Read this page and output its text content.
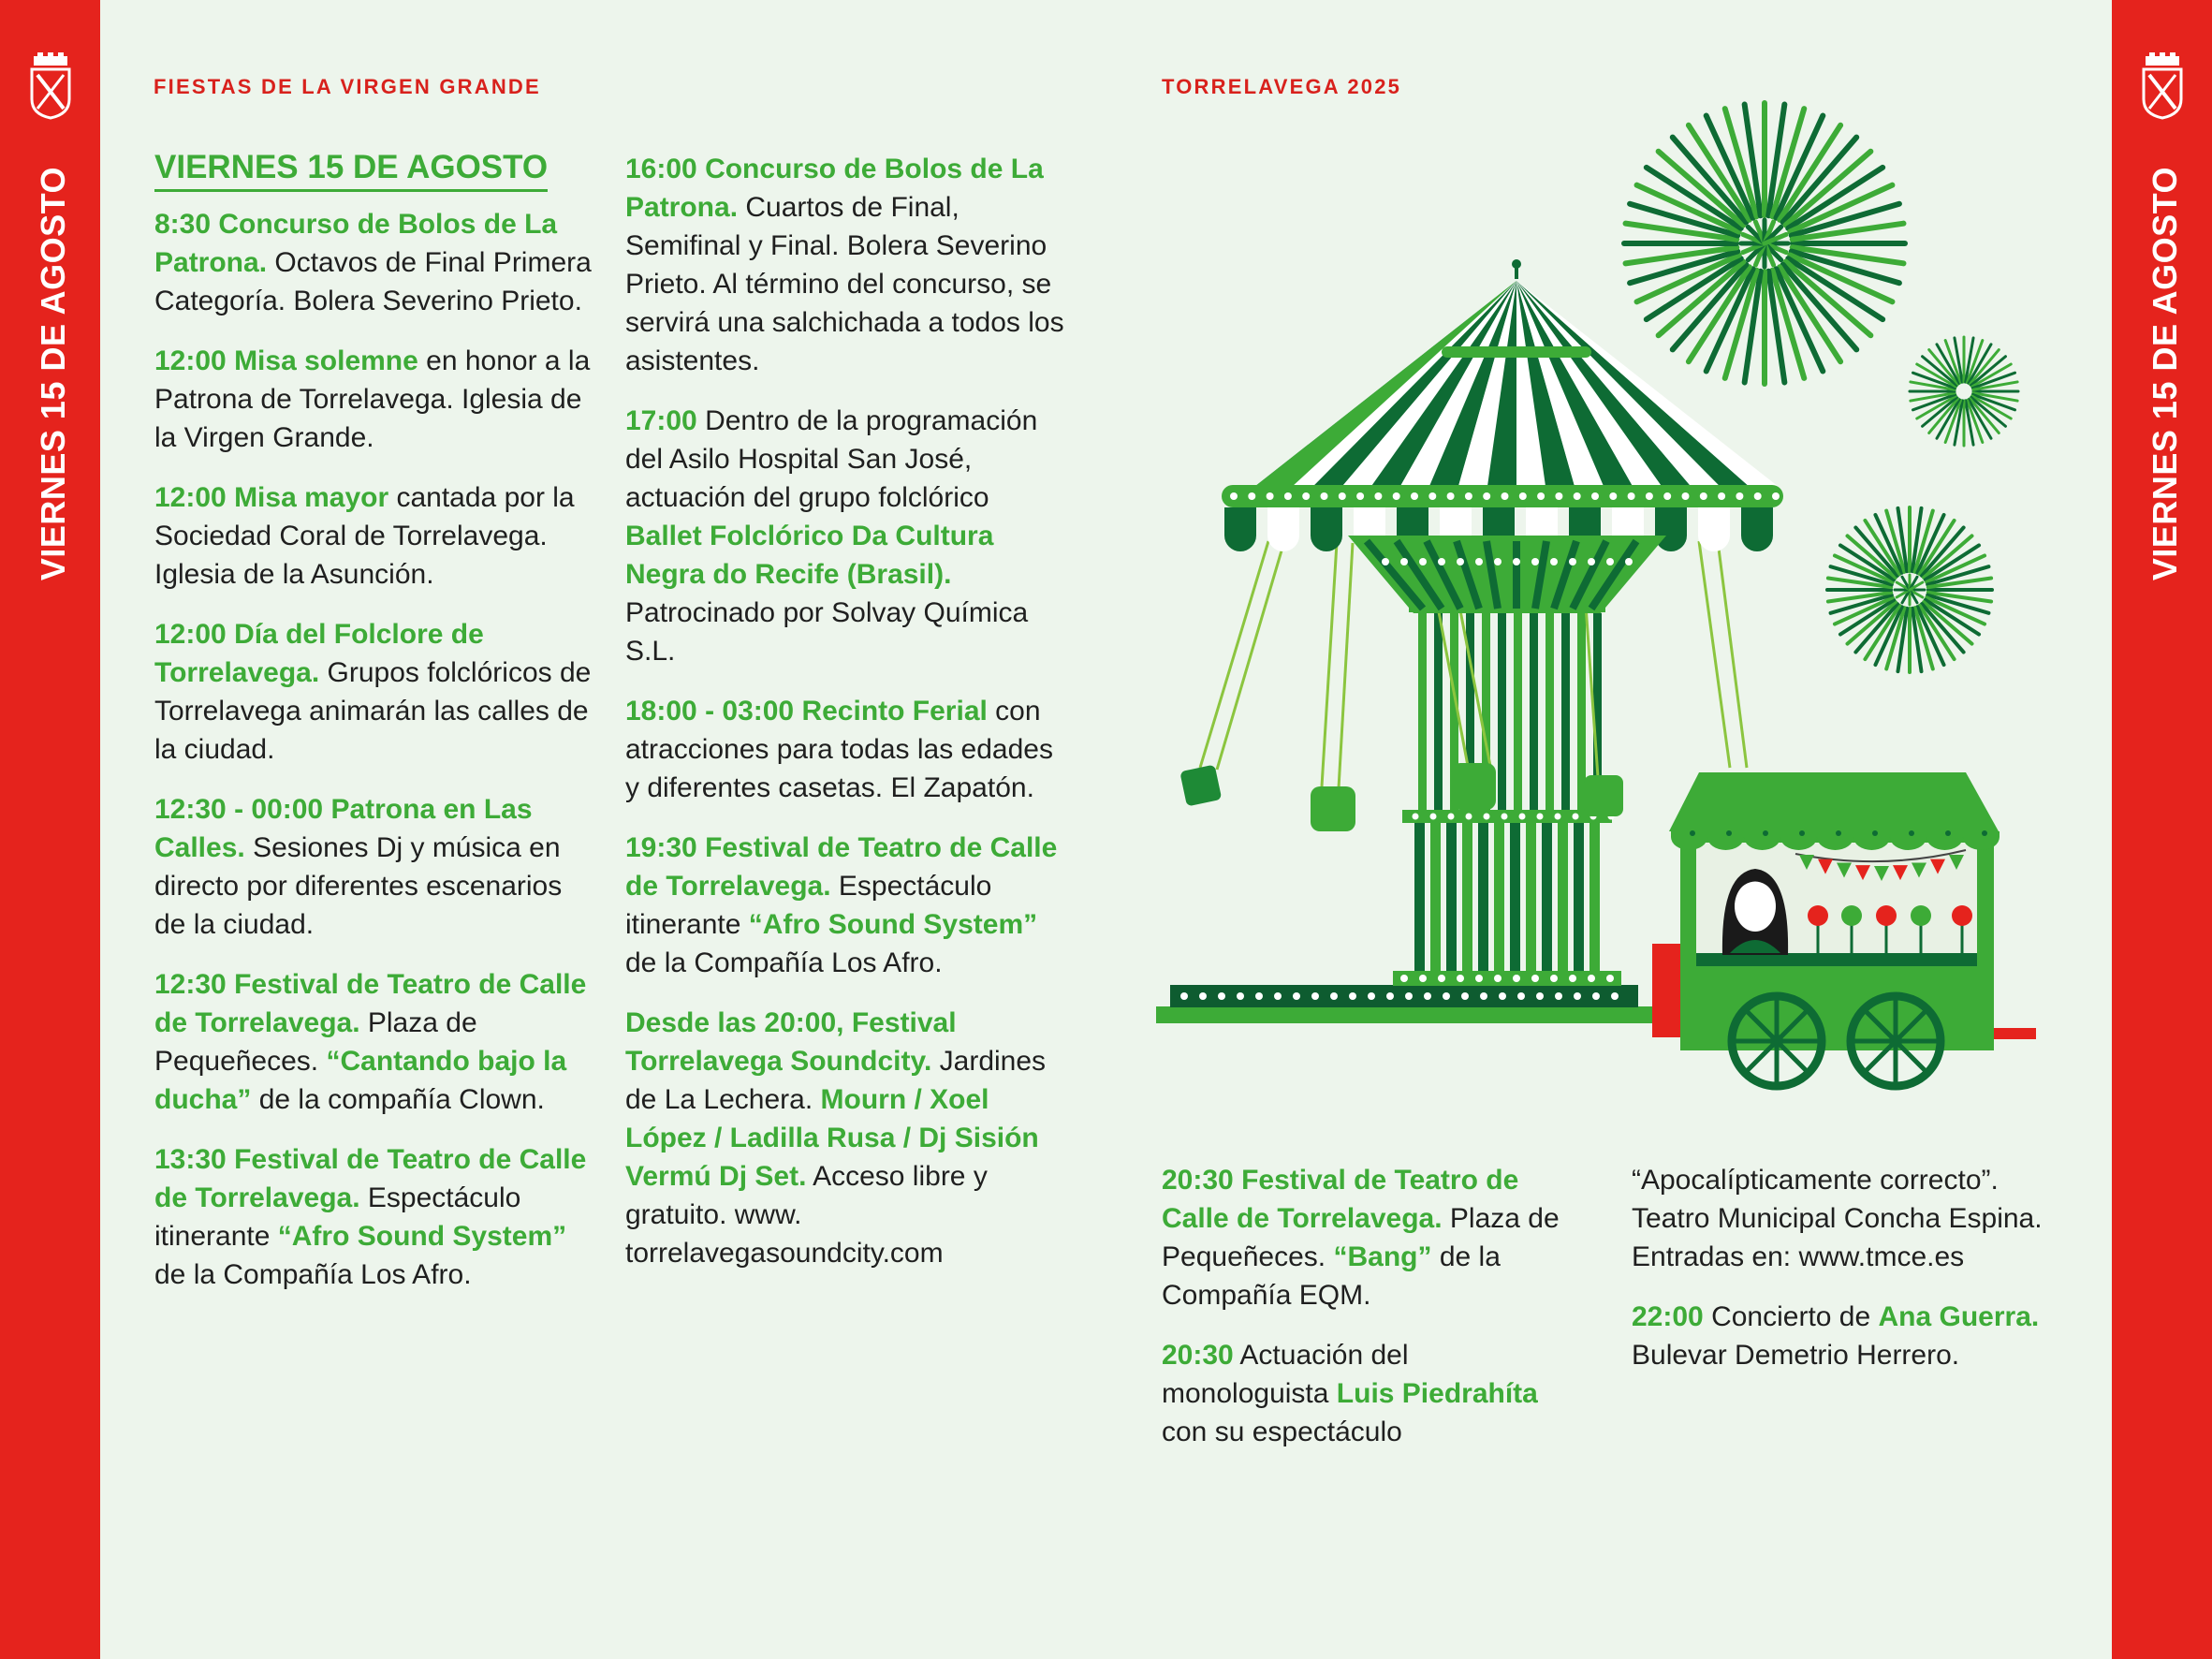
VIERNES 15 DE AGOSTO	VIERNES 15 DE AGOSTO
FIESTAS DE LA VIRGEN GRANDE	TORRELAVEGA 2025
VIERNES 15 DE AGOSTO

8:30 Concurso de Bolos de La Patrona. Octavos de Final Primera Categoría. Bolera Severino Prieto.

12:00 Misa solemne en honor a la Patrona de Torrelavega. Iglesia de la Virgen Grande.

12:00 Misa mayor cantada por la Sociedad Coral de Torrelavega. Iglesia de la Asunción.

12:00 Día del Folclore de Torrelavega. Grupos folclóricos de Torrelavega animarán las calles de la ciudad.

12:30 - 00:00 Patrona en Las Calles. Sesiones Dj y música en directo por diferentes escenarios de la ciudad.

12:30 Festival de Teatro de Calle de Torrelavega. Plaza de Pequeñeces. “Cantando bajo la ducha” de la compañía Clown.

13:30 Festival de Teatro de Calle de Torrelavega. Espectáculo itinerante “Afro Sound System” de la Compañía Los Afro.

16:00 Concurso de Bolos de La Patrona. Cuartos de Final, Semifinal y Final. Bolera Severino Prieto. Al término del concurso, se servirá una salchichada a todos los asistentes.

17:00 Dentro de la programación del Asilo Hospital San José, actuación del grupo folclórico Ballet Folclórico Da Cultura Negra do Recife (Brasil). Patrocinado por Solvay Química S.L.

18:00 - 03:00 Recinto Ferial con atracciones para todas las edades y diferentes casetas. El Zapatón.

19:30 Festival de Teatro de Calle de Torrelavega. Espectáculo itinerante “Afro Sound System” de la Compañía Los Afro.

Desde las 20:00, Festival Torrelavega Soundcity. Jardines de La Lechera. Mourn / Xoel López / Ladilla Rusa / Dj Sisión Vermú Dj Set. Acceso libre y gratuito. www. torrelavegasoundcity.com

20:30 Festival de Teatro de Calle de Torrelavega. Plaza de Pequeñeces. “Bang” de la Compañía EQM.

20:30 Actuación del monologuista Luis Piedrahíta con su espectáculo

“Apocalípticamente correcto”. Teatro Municipal Concha Espina. Entradas en: www.tmce.es

22:00 Concierto de Ana Guerra. Bulevar Demetrio Herrero.
